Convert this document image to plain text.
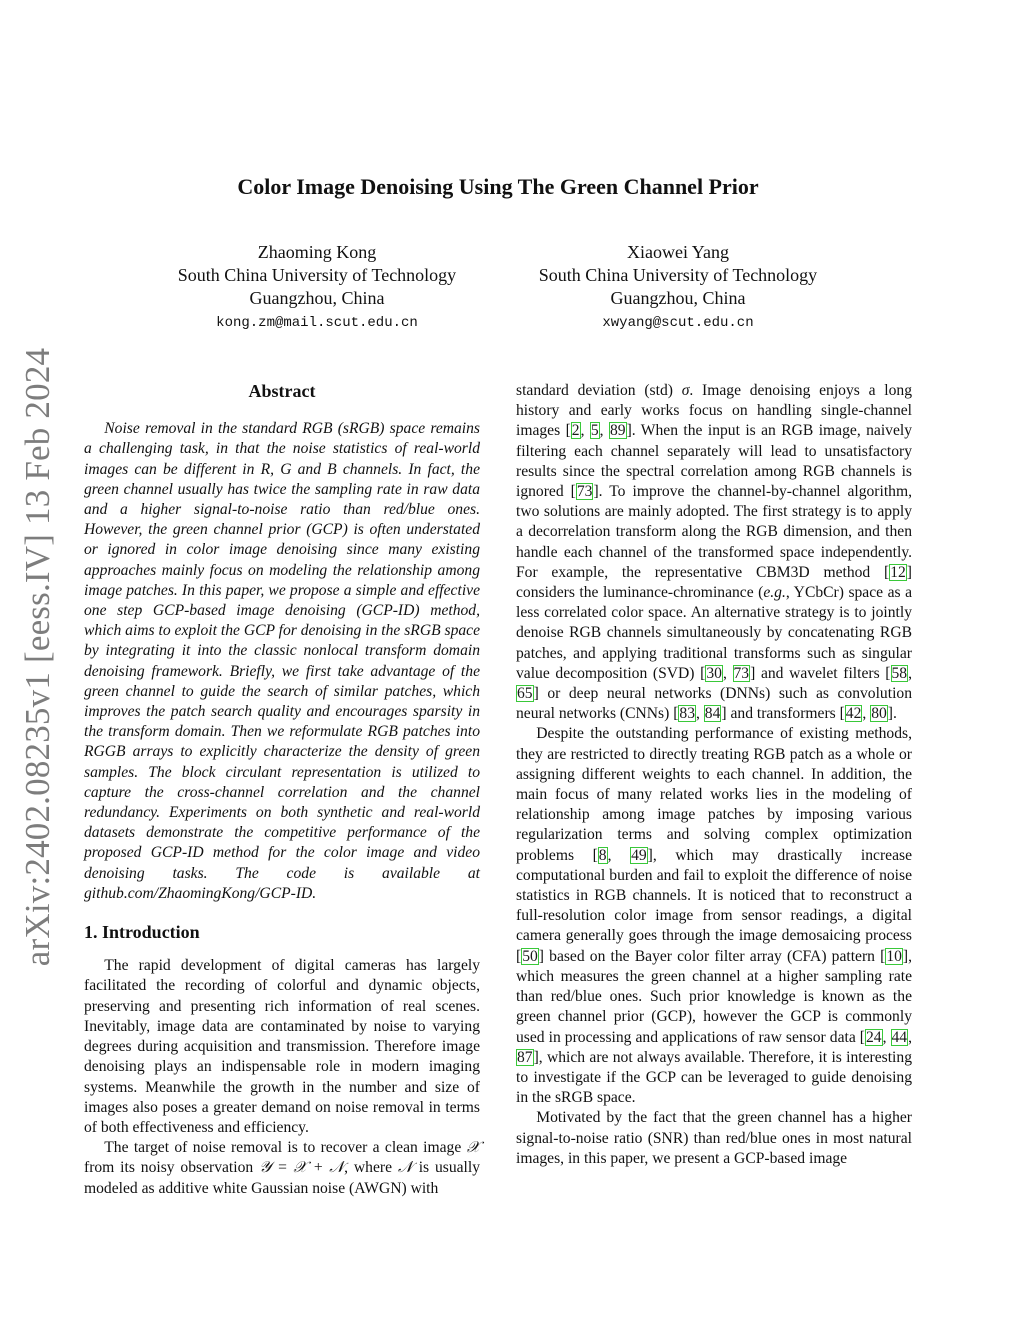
arXiv:2402.08235v1 [eess.IV] 13 Feb 2024
Color Image Denoising Using The Green Channel Prior
Zhaoming Kong
South China University of Technology
Guangzhou, China
kong.zm@mail.scut.edu.cn
Xiaowei Yang
South China University of Technology
Guangzhou, China
xwyang@scut.edu.cn
Abstract

Noise removal in the standard RGB (sRGB) space remains a challenging task, in that the noise statistics of real-world images can be different in R, G and B channels. In fact, the green channel usually has twice the sampling rate in raw data and a higher signal-to-noise ratio than red/blue ones. However, the green channel prior (GCP) is often understated or ignored in color image denoising since many existing approaches mainly focus on modeling the relationship among image patches. In this paper, we propose a simple and effective one step GCP-based image denoising (GCP-ID) method, which aims to exploit the GCP for denoising in the sRGB space by integrating it into the classic nonlocal transform domain denoising framework. Briefly, we first take advantage of the green channel to guide the search of similar patches, which improves the patch search quality and encourages sparsity in the transform domain. Then we reformulate RGB patches into RGGB arrays to explicitly characterize the density of green samples. The block circulant representation is utilized to capture the cross-channel correlation and the channel redundancy. Experiments on both synthetic and real-world datasets demonstrate the competitive performance of the proposed GCP-ID method for the color image and video denoising tasks. The code is available at github.com/ZhaomingKong/GCP-ID.

1. Introduction

The rapid development of digital cameras has largely facilitated the recording of colorful and dynamic objects, preserving and presenting rich information of real scenes. Inevitably, image data are contaminated by noise to varying degrees during acquisition and transmission. Therefore image denoising plays an indispensable role in modern imaging systems. Meanwhile the growth in the number and size of images also poses a greater demand on noise removal in terms of both effectiveness and efficiency.

The target of noise removal is to recover a clean image 𝒳 from its noisy observation 𝒴 = 𝒳 + 𝒩, where 𝒩 is usually modeled as additive white Gaussian noise (AWGN) with

standard deviation (std) σ. Image denoising enjoys a long history and early works focus on handling single-channel images [2, 5, 89]. When the input is an RGB image, naively filtering each channel separately will lead to unsatisfactory results since the spectral correlation among RGB channels is ignored [73]. To improve the channel-by-channel algorithm, two solutions are mainly adopted. The first strategy is to apply a decorrelation transform along the RGB dimension, and then handle each channel of the transformed space independently. For example, the representative CBM3D method [12] considers the luminance-chrominance (e.g., YCbCr) space as a less correlated color space. An alternative strategy is to jointly denoise RGB channels simultaneously by concatenating RGB patches, and applying traditional transforms such as singular value decomposition (SVD) [30, 73] and wavelet filters [58, 65] or deep neural networks (DNNs) such as convolution neural networks (CNNs) [83, 84] and transformers [42, 80].

Despite the outstanding performance of existing methods, they are restricted to directly treating RGB patch as a whole or assigning different weights to each channel. In addition, the main focus of many related works lies in the modeling of relationship among image patches by imposing various regularization terms and solving complex optimization problems [8, 49], which may drastically increase computational burden and fail to exploit the difference of noise statistics in RGB channels. It is noticed that to reconstruct a full-resolution color image from sensor readings, a digital camera generally goes through the image demosaicing process [50] based on the Bayer color filter array (CFA) pattern [10], which measures the green channel at a higher sampling rate than red/blue ones. Such prior knowledge is known as the green channel prior (GCP), however the GCP is commonly used in processing and applications of raw sensor data [24, 44, 87], which are not always available. Therefore, it is interesting to investigate if the GCP can be leveraged to guide denoising in the sRGB space.

Motivated by the fact that the green channel has a higher signal-to-noise ratio (SNR) than red/blue ones in most natural images, in this paper, we present a GCP-based image
